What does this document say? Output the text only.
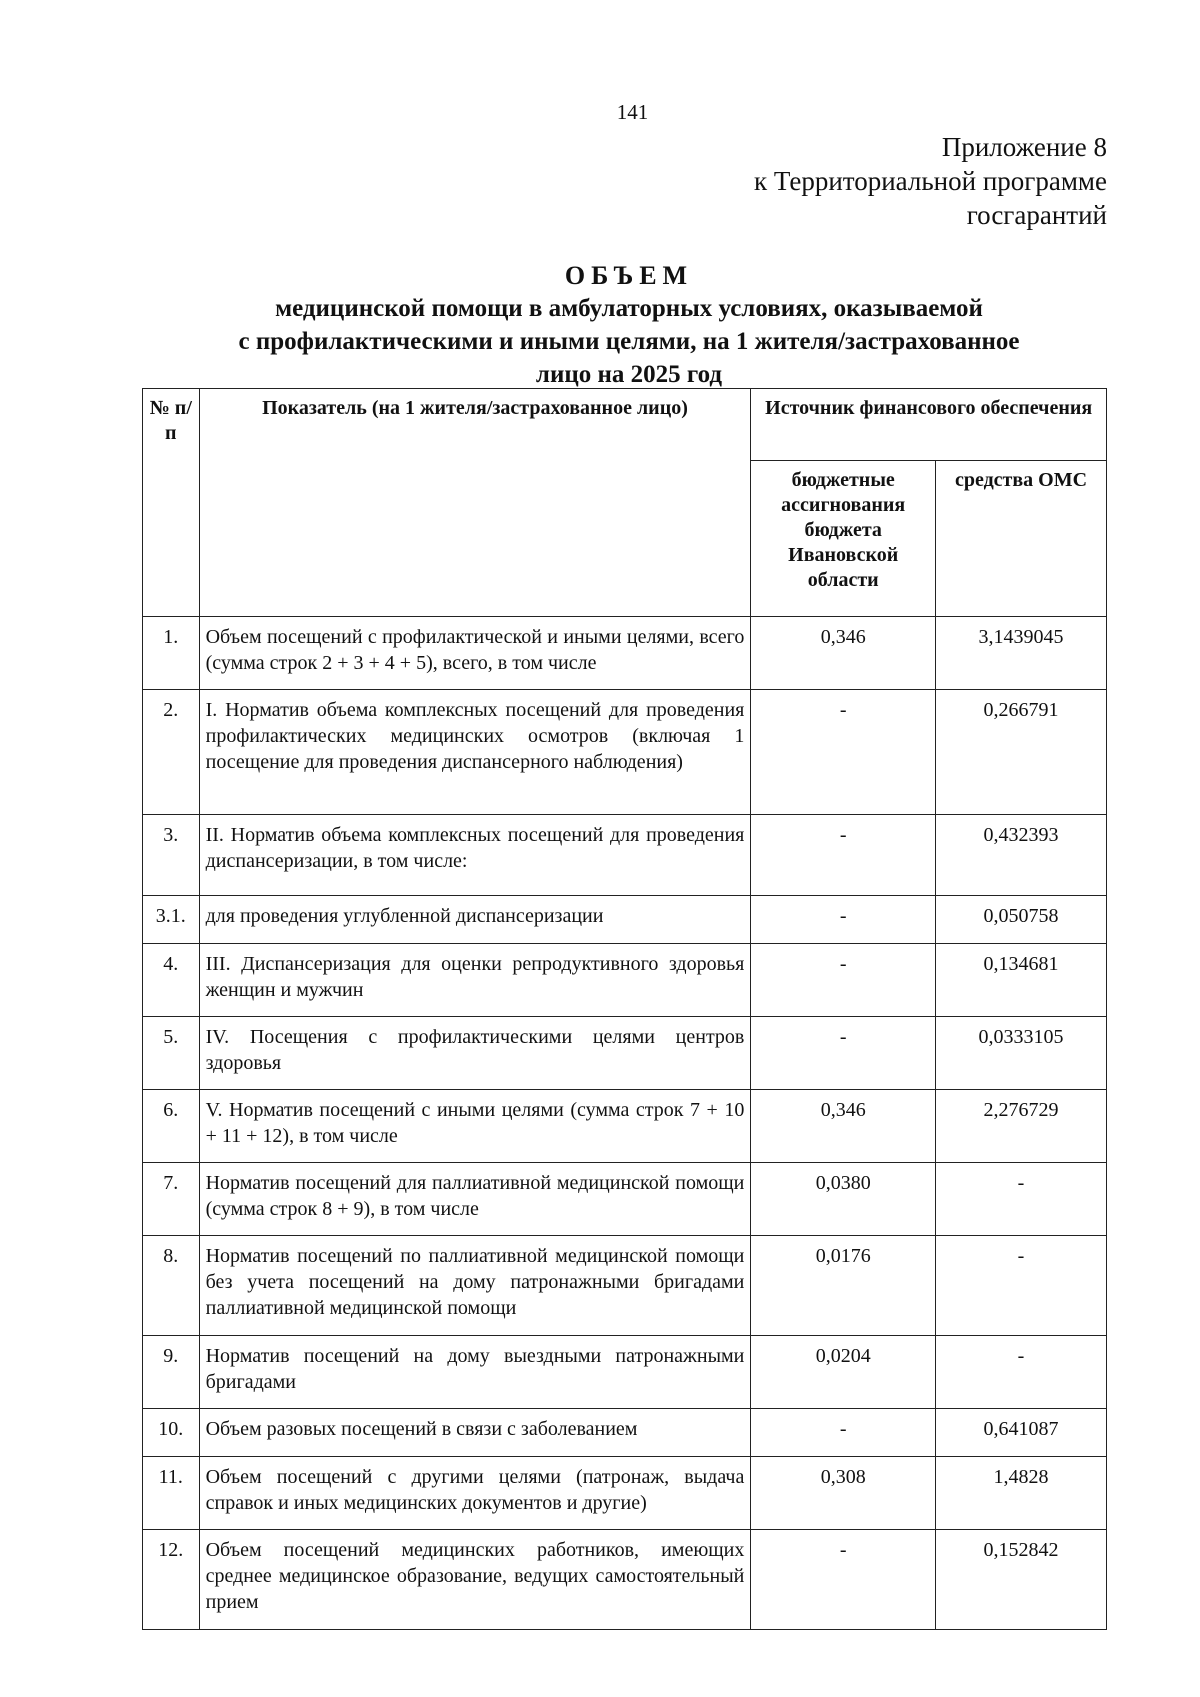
141
Приложение 8
к Территориальной программе
госгарантий
ОБЪЕМ
медицинской помощи в амбулаторных условиях, оказываемой
с профилактическими и иными целями, на 1 жителя/застрахованное
лицо на 2025 год
№ п/п	Показатель (на 1 жителя/застрахованное лицо)	Источник финансового обеспечения	
		бюджетные ассигнования бюджета Ивановской области	средства ОМС
1.	Объем посещений с профилактической и иными целями, всего (сумма строк 2 + 3 + 4 + 5), всего, в том числе	0,346	3,1439045
2.	I. Норматив объема комплексных посещений для проведения профилактических медицинских осмотров (включая 1 посещение для проведения диспансерного наблюдения)	-	0,266791
3.	II. Норматив объема комплексных посещений для проведения диспансеризации, в том числе:	-	0,432393
3.1.	для проведения углубленной диспансеризации	-	0,050758
4.	III. Диспансеризация для оценки репродуктивного здоровья женщин и мужчин	-	0,134681
5.	IV. Посещения с профилактическими целями центров здоровья	-	0,0333105
6.	V. Норматив посещений с иными целями (сумма строк 7 + 10 + 11 + 12), в том числе	0,346	2,276729
7.	Норматив посещений для паллиативной медицинской помощи (сумма строк 8 + 9), в том числе	0,0380	-
8.	Норматив посещений по паллиативной медицинской помощи без учета посещений на дому патронажными бригадами паллиативной медицинской помощи	0,0176	-
9.	Норматив посещений на дому выездными патронажными бригадами	0,0204	-
10.	Объем разовых посещений в связи с заболеванием	-	0,641087
11.	Объем посещений с другими целями (патронаж, выдача справок и иных медицинских документов и другие)	0,308	1,4828
12.	Объем посещений медицинских работников, имеющих среднее медицинское образование, ведущих самостоятельный прием	-	0,152842
